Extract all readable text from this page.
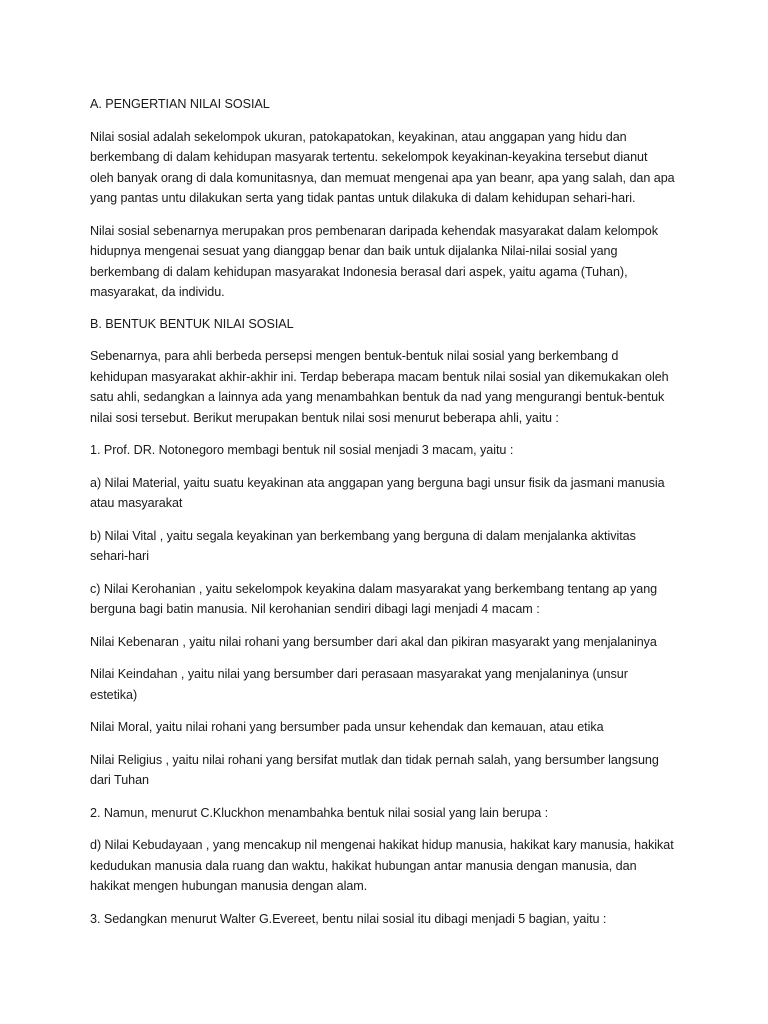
A. PENGERTIAN NILAI SOSIAL

Nilai sosial adalah sekelompok ukuran, patokapatokan, keyakinan, atau anggapan yang hidu dan
berkembang di dalam kehidupan masyarak tertentu. sekelompok keyakinan-keyakina tersebut dianut
oleh banyak orang di dala komunitasnya, dan memuat mengenai apa yan beanr, apa yang salah, dan apa
yang pantas untu dilakukan serta yang tidak pantas untuk dilakuka di dalam kehidupan sehari-hari.

Nilai sosial sebenarnya merupakan pros pembenaran daripada kehendak masyarakat dalam kelompok
hidupnya mengenai sesuat yang dianggap benar dan baik untuk dijalanka Nilai-nilai sosial yang
berkembang di dalam kehidupan masyarakat Indonesia berasal dari aspek, yaitu agama (Tuhan),
masyarakat, da individu.

B. BENTUK BENTUK NILAI SOSIAL

Sebenarnya, para ahli berbeda persepsi mengen bentuk-bentuk nilai sosial yang berkembang d
kehidupan masyarakat akhir-akhir ini. Terdap beberapa macam bentuk nilai sosial yan dikemukakan oleh
satu ahli, sedangkan a lainnya ada yang menambahkan bentuk da nad yang mengurangi bentuk-bentuk
nilai sosi tersebut. Berikut merupakan bentuk nilai sosi menurut beberapa ahli, yaitu :

1. Prof. DR. Notonegoro membagi bentuk nil sosial menjadi 3 macam, yaitu :

a) Nilai Material, yaitu suatu keyakinan ata anggapan yang berguna bagi unsur fisik da jasmani manusia
atau masyarakat

b) Nilai Vital , yaitu segala keyakinan yan berkembang yang berguna di dalam menjalanka aktivitas
sehari-hari

c) Nilai Kerohanian , yaitu sekelompok keyakina dalam masyarakat yang berkembang tentang ap yang
berguna bagi batin manusia. Nil kerohanian sendiri dibagi lagi menjadi 4 macam :

Nilai Kebenaran , yaitu nilai rohani yang bersumber dari akal dan pikiran masyarakt yang menjalaninya

Nilai Keindahan , yaitu nilai yang bersumber dari perasaan masyarakat yang menjalaninya (unsur
estetika)

Nilai Moral, yaitu nilai rohani yang bersumber pada unsur kehendak dan kemauan, atau etika

Nilai Religius , yaitu nilai rohani yang bersifat mutlak dan tidak pernah salah, yang bersumber langsung
dari Tuhan

2. Namun, menurut C.Kluckhon menambahka bentuk nilai sosial yang lain berupa :

d) Nilai Kebudayaan , yang mencakup nil mengenai hakikat hidup manusia, hakikat kary manusia, hakikat
kedudukan manusia dala ruang dan waktu, hakikat hubungan antar manusia dengan manusia, dan
hakikat mengen hubungan manusia dengan alam.

3. Sedangkan menurut Walter G.Evereet, bentu nilai sosial itu dibagi menjadi 5 bagian, yaitu :
